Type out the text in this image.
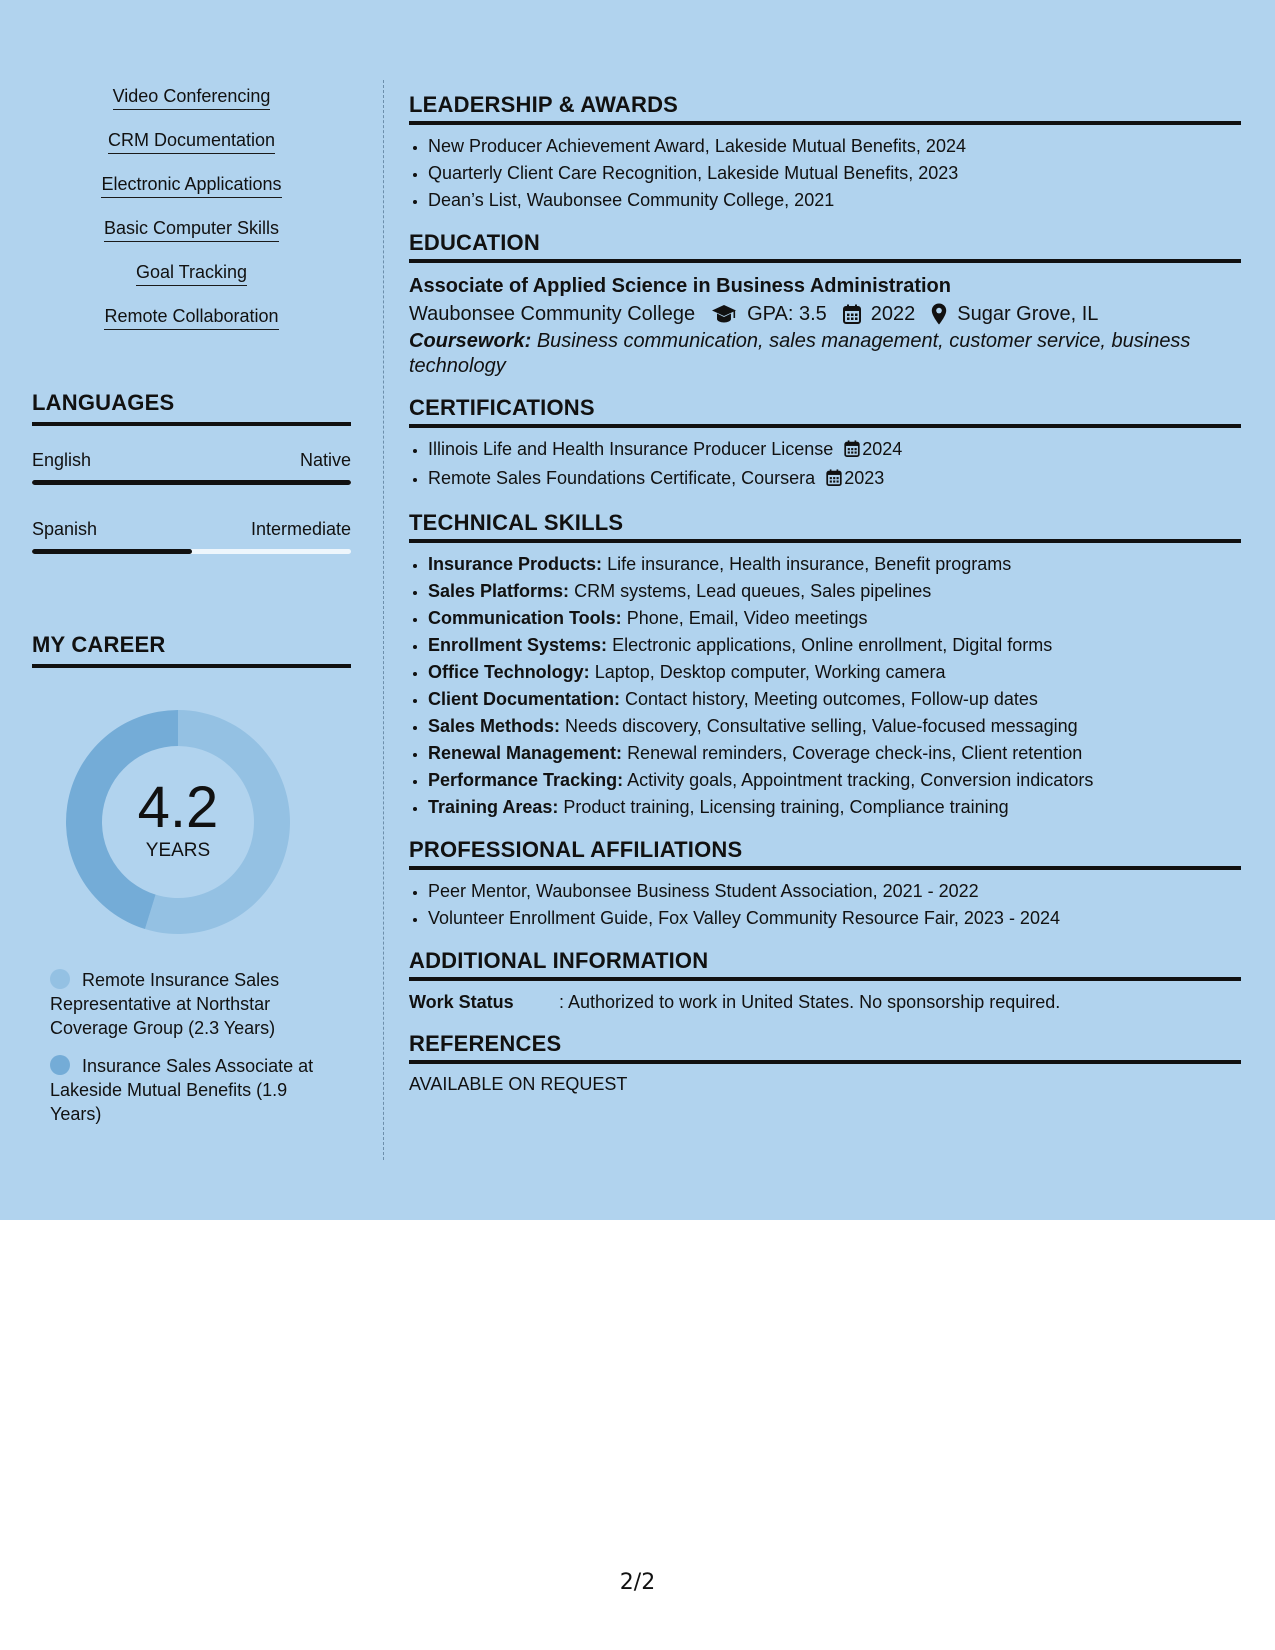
Video Conferencing
CRM Documentation
Electronic Applications
Basic Computer Skills
Goal Tracking
Remote Collaboration
LANGUAGES
English	Native
Spanish	Intermediate
MY CAREER
4.2
YEARS
Remote Insurance Sales Representative at Northstar Coverage Group (2.3 Years)
Insurance Sales Associate at Lakeside Mutual Benefits (1.9 Years)
LEADERSHIP & AWARDS
• New Producer Achievement Award, Lakeside Mutual Benefits, 2024
• Quarterly Client Care Recognition, Lakeside Mutual Benefits, 2023
• Dean’s List, Waubonsee Community College, 2021
EDUCATION
Associate of Applied Science in Business Administration
Waubonsee Community College	GPA: 3.5 2022 Sugar Grove, IL
Coursework: Business communication, sales management, customer service, business technology
CERTIFICATIONS
• Illinois Life and Health Insurance Producer License 2024
• Remote Sales Foundations Certificate, Coursera 2023
TECHNICAL SKILLS
• Insurance Products: Life insurance, Health insurance, Benefit programs
• Sales Platforms: CRM systems, Lead queues, Sales pipelines
• Communication Tools: Phone, Email, Video meetings
• Enrollment Systems: Electronic applications, Online enrollment, Digital forms
• Office Technology: Laptop, Desktop computer, Working camera
• Client Documentation: Contact history, Meeting outcomes, Follow-up dates
• Sales Methods: Needs discovery, Consultative selling, Value-focused messaging
• Renewal Management: Renewal reminders, Coverage check-ins, Client retention
• Performance Tracking: Activity goals, Appointment tracking, Conversion indicators
• Training Areas: Product training, Licensing training, Compliance training
PROFESSIONAL AFFILIATIONS
• Peer Mentor, Waubonsee Business Student Association, 2021 - 2022
• Volunteer Enrollment Guide, Fox Valley Community Resource Fair, 2023 - 2024
ADDITIONAL INFORMATION
Work Status	: Authorized to work in United States. No sponsorship required.
REFERENCES
AVAILABLE ON REQUEST
2/2
